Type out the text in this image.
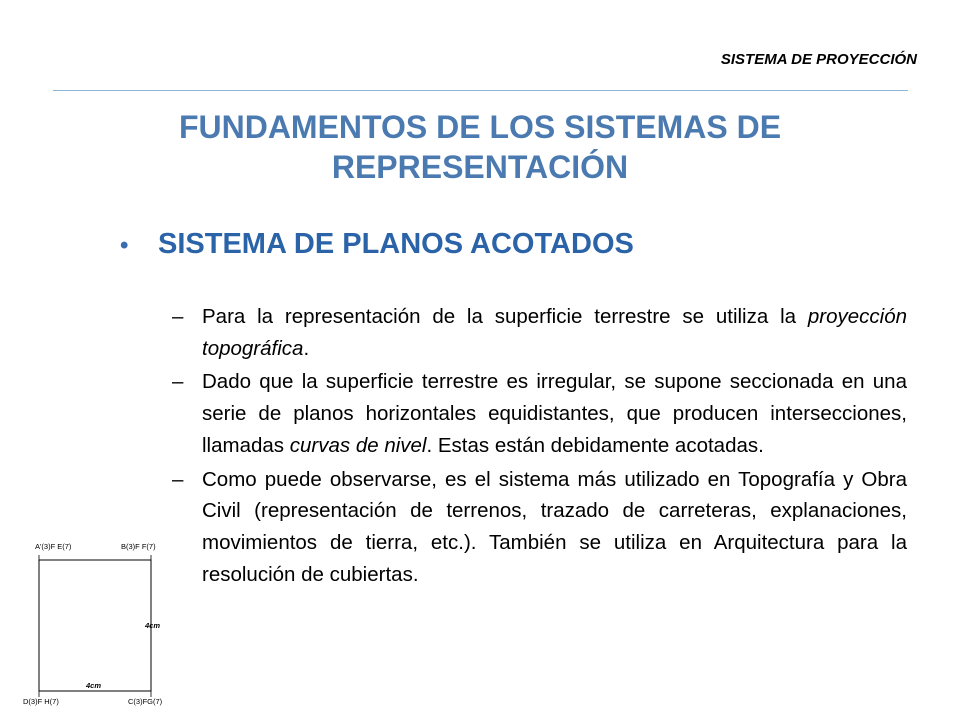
SISTEMA DE PROYECCIÓN
FUNDAMENTOS DE LOS SISTEMAS DE
REPRESENTACIÓN
• SISTEMA DE PLANOS ACOTADOS
– Para la representación de la superficie terrestre se utiliza la proyección topográfica.
– Dado que la superficie terrestre es irregular, se supone seccionada en una serie de planos horizontales equidistantes, que producen intersecciones, llamadas curvas de nivel. Estas están debidamente acotadas.
– Como puede observarse, es el sistema más utilizado en Topografía y Obra Civil (representación de terrenos, trazado de carreteras, explanaciones, movimientos de tierra, etc.). También se utiliza en Arquitectura para la resolución de cubiertas.
A'(3)F E(7)	B(3)F F(7)
D(3)F H(7)	C(3)FG(7)
4cm
4cm
